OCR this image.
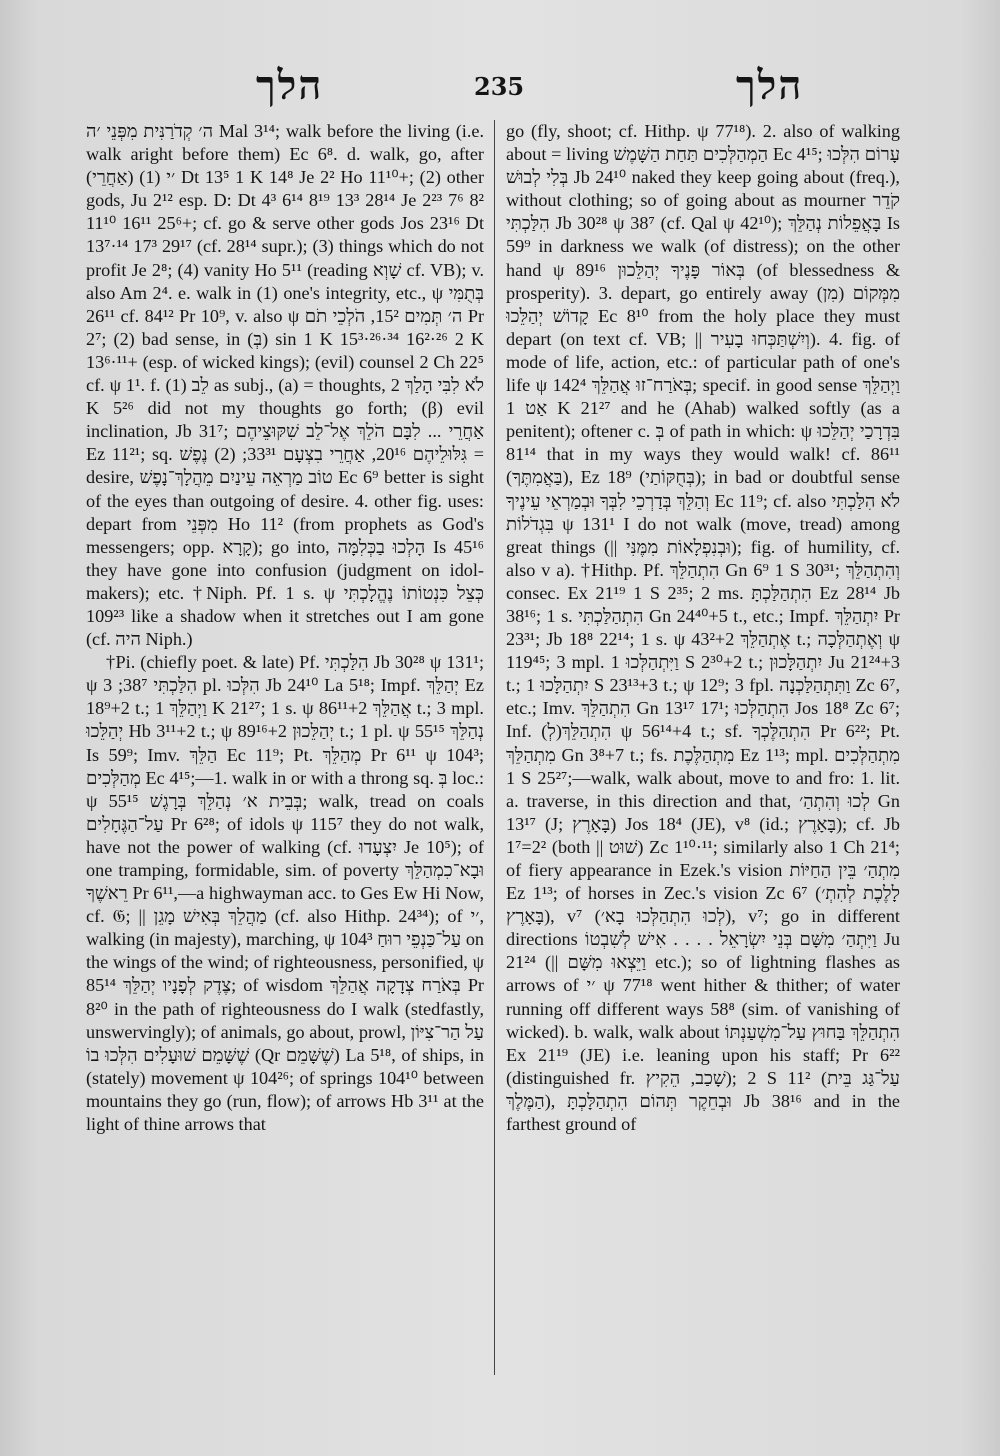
הלך	235	הלך

ה׳ קְדֹרַנִּית מִפְּנֵי ׳ה Mal 3¹⁴; walk before the living (i.e. walk aright before them) Ec 6⁸. d. walk, go, after (אַחֲרֵי) (1) ׳י Dt 13⁵ 1 K 14⁸ Je 2² Ho 11¹⁰+; (2) other gods, Ju 2¹² esp. D: Dt 4³ 6¹⁴ 8¹⁹ 13³ 28¹⁴ Je 2²³ 7⁶ 8² 11¹⁰ 16¹¹ 25⁶+; cf. go & serve other gods Jos 23¹⁶ Dt 13⁷·¹⁴ 17³ 29¹⁷ (cf. 28¹⁴ supr.); (3) things which do not profit Je 2⁸; (4) vanity Ho 5¹¹ (reading שָׁוְא cf. VB); v. also Am 2⁴. e. walk in (1) one's integrity, etc., ψ בְּתֻמִּי 26¹¹ cf. 84¹² Pr 10⁹, v. also ψ ה׳ תְּמִים 15², הֹלְכֵי תֹם Pr 2⁷; (2) bad sense, in (בְּ) sin 1 K 15³·²⁶·³⁴ 16²·²⁶ 2 K 13⁶·¹¹+ (esp. of wicked kings); (evil) counsel 2 Ch 22⁵ cf. ψ 1¹. f. (1) לֵב as subj., (a) = thoughts, לֹא לִבִּי הָלַךְ 2 K 5²⁶ did not my thoughts go forth; (β) evil inclination, Jb 31⁷; אַחֲרֵי ... לִבָּם הֹלֵךְ אֶל־לֵב שִׁקּוּצֵיהֶם Ez 11²¹; sq. גִּלּוּלֵיהֶם 20¹⁶, אַחֲרֵי בִצְעָם 33³¹; (2) נֶפֶשׁ = desire, טוֹב מַרְאֵה עֵינַיִם מֵהֲלָךְ־נָפֶשׁ Ec 6⁹ better is sight of the eyes than outgoing of desire. 4. other fig. uses: depart from מִפְּנֵי Ho 11² (from prophets as God's messengers; opp. קָרָא); go into, הָלְכוּ בַכְּלִמָּה Is 45¹⁶ they have gone into confusion (judgment on idol-makers); etc. †Niph. Pf. 1 s. ψ כְּצֵל כִּנְטוֹתוֹ נֶהֱלָכְתִּי 109²³ like a shadow when it stretches out I am gone (cf. היה Niph.)

†Pi. (chiefly poet. & late) Pf. הִלַּכְתִּי Jb 30²⁸ ψ 131¹; ψ הִלַּכְתִּי 38⁷; 3 pl. הִלְּכוּ Jb 24¹⁰ La 5¹⁸; Impf. יְהַלֵּךְ Ez 18⁹+2 t.; וַיְהַלֵּךְ 1 K 21²⁷; 1 s. ψ אֲהַלֵּךְ 86¹¹+2 t.; 3 mpl. יְהַלֵּכוּ Hb 3¹¹+2 t.; ψ יְהַלֵּכוּן 89¹⁶+2 t.; 1 pl. ψ נְהַלֵּךְ 55¹⁵ Is 59⁹; Imv. הַלֵּךְ Ec 11⁹; Pt. מְהַלֵּךְ Pr 6¹¹ ψ 104³; מְהַלְּכִים Ec 4¹⁵;—1. walk in or with a throng sq. בְּ loc.: ψ בְּבֵית א׳ נְהַלֵּךְ בְּרָגֶשׁ 55¹⁵; walk, tread on coals עַל־הַגֶּחָלִים Pr 6²⁸; of idols ψ 115⁷ they do not walk, have not the power of walking (cf. יִצְעָדוּ Je 10⁵); of one tramping, formidable, sim. of poverty וּבָא־כִמְהַלֵּךְ רֵאשֶׁךָ Pr 6¹¹,—a highwayman acc. to Ges Ew Hi Now, cf. 𝔊; || מַהֲלֵךְ בְּאִישׁ מָגֵן (cf. also Hithp. 24³⁴); of ׳י, walking (in majesty), marching, ψ עַל־כַּנְפֵי רוּחַ 104³ on the wings of the wind; of righteousness, personified, ψ צֶדֶק לְפָנָיו יְהַלֵּךְ 85¹⁴; of wisdom בְּאֹרַח צְדָקָה אֲהַלֵּךְ Pr 8²⁰ in the path of righteousness do I walk (stedfastly, unswervingly); of animals, go about, prowl, עַל הַר־צִיּוֹן שֶׁשָּׁמֵם שׁוּעָלִים הִלְּכוּ בוֹ (Qr שֶׁשָּׁמֵם) La 5¹⁸, of ships, in (stately) movement ψ 104²⁶; of springs 104¹⁰ between mountains they go (run, flow); of arrows Hb 3¹¹ at the light of thine arrows that

go (fly, shoot; cf. Hithp. ψ 77¹⁸). 2. also of walking about = living הַמְהַלְּכִים תַּחַת הַשָּׁמֶשׁ Ec 4¹⁵; עָרוֹם הִלְּכוּ בְּלִי לְבוּשׁ Jb 24¹⁰ naked they keep going about (freq.), without clothing; so of going about as mourner קֹדֵר הִלַּכְתִּי Jb 30²⁸ ψ 38⁷ (cf. Qal ψ 42¹⁰); בָּאֲפֵלוֹת נְהַלֵּךְ Is 59⁹ in darkness we walk (of distress); on the other hand ψ בְּאוֹר פָּנֶיךָ יְהַלֵּכוּן 89¹⁶ (of blessedness & prosperity). 3. depart, go entirely away (מִן) מִמְּקוֹם קָדוֹשׁ יְהַלֵּכוּ Ec 8¹⁰ from the holy place they must depart (on text cf. VB; || וְיִשְׁתַּכְּחוּ בָעִיר). 4. fig. of mode of life, action, etc.: of particular path of one's life ψ בְּאֹרַח־זוּ אֲהַלֵּךְ 142⁴; specif. in good sense וַיְהַלֵּךְ אַט 1 K 21²⁷ and he (Ahab) walked softly (as a penitent); oftener c. בְּ of path in which: ψ בִּדְרָכַי יְהַלֵּכוּ 81¹⁴ that in my ways they would walk! cf. 86¹¹ (בַּאֲמִתֶּךָ), Ez 18⁹ (בְּחֻקּוֹתַי); in bad or doubtful sense וְהַלֵּךְ בְּדַרְכֵי לִבְּךָ וּבְמַרְאֵי עֵינֶיךָ Ec 11⁹; cf. also לֹא הִלַּכְתִּי בִּגְדֹלוֹת ψ 131¹ I do not walk (move, tread) among great things (|| וּבְנִפְלָאוֹת מִמֶּנִּי); fig. of humility, cf. also v a). †Hithp. Pf. הִתְהַלֵּךְ Gn 6⁹ 1 S 30³¹; וְהִתְהַלֵּךְ consec. Ex 21¹⁹ 1 S 2³⁵; 2 ms. הִתְהַלַּכְתָּ Ez 28¹⁴ Jb 38¹⁶; 1 s. הִתְהַלַּכְתִּי Gn 24⁴⁰+5 t., etc.; Impf. יִתְהַלֵּךְ Pr 23³¹; Jb 18⁸ 22¹⁴; 1 s. ψ אֶתְהַלֵּךְ 43²+2 t.; וְאֶתְהַלְּכָה ψ 119⁴⁵; 3 mpl. וַיִּתְהַלְּכוּ 1 S 2³⁰+2 t.; יִתְהַלָּכוּן Ju 21²⁴+3 t.; יִתְהַלָּכוּ 1 S 23¹³+3 t.; ψ 12⁹; 3 fpl. וַתִּתְהַלַּכְנָה Zc 6⁷, etc.; Imv. הִתְהַלֵּךְ Gn 13¹⁷ 17¹; הִתְהַלְּכוּ Jos 18⁸ Zc 6⁷; Inf. (לְ)הִתְהַלֵּךְ ψ 56¹⁴+4 t.; sf. הִתְהַלֶּכְךָ Pr 6²²; Pt. מִתְהַלֵּךְ Gn 3⁸+7 t.; fs. מִתְהַלֶּכֶת Ez 1¹³; mpl. מִתְהַלְּכִים 1 S 25²⁷;—walk, walk about, move to and fro: 1. lit. a. traverse, in this direction and that, לְכוּ וְהִתְהַ׳ Gn 13¹⁷ (J; בָּאָרֶץ) Jos 18⁴ (JE), v⁸ (id.; בָּאָרֶץ); cf. Jb 1⁷=2² (both || שׁוּט) Zc 1¹⁰·¹¹; similarly also 1 Ch 21⁴; of fiery appearance in Ezek.'s vision מִתְהַ׳ בֵּין הַחַיּוֹת Ez 1¹³; of horses in Zec.'s vision Zc 6⁷ (לָלֶכֶת לְהִתְ׳ בָּאָרֶץ), v⁷ (לְכוּ הִתְהַלְּכוּ בָא׳), v⁷; go in different directions וַיִּתְהַ׳ מִשָּׁם בְּנֵי יִשְׂרָאֵל . . . . אִישׁ לְשִׁבְטוֹ Ju 21²⁴ (|| וַיֵּצְאוּ מִשָּׁם etc.); so of lightning flashes as arrows of ׳י ψ 77¹⁸ went hither & thither; of water running off different ways 58⁸ (sim. of vanishing of wicked). b. walk, walk about הִתְהַלֵּךְ בַּחוּץ עַל־מִשְׁעַנְתּוֹ Ex 21¹⁹ (JE) i.e. leaning upon his staff; Pr 6²² (distinguished fr. שָׁכַב, הֵקִיץ); 2 S 11² (עַל־גַּג בֵּית הַמֶּלֶךְ), וּבְחֵקֶר תְּהוֹם הִתְהַלָּכְתָּ Jb 38¹⁶ and in the farthest ground of
